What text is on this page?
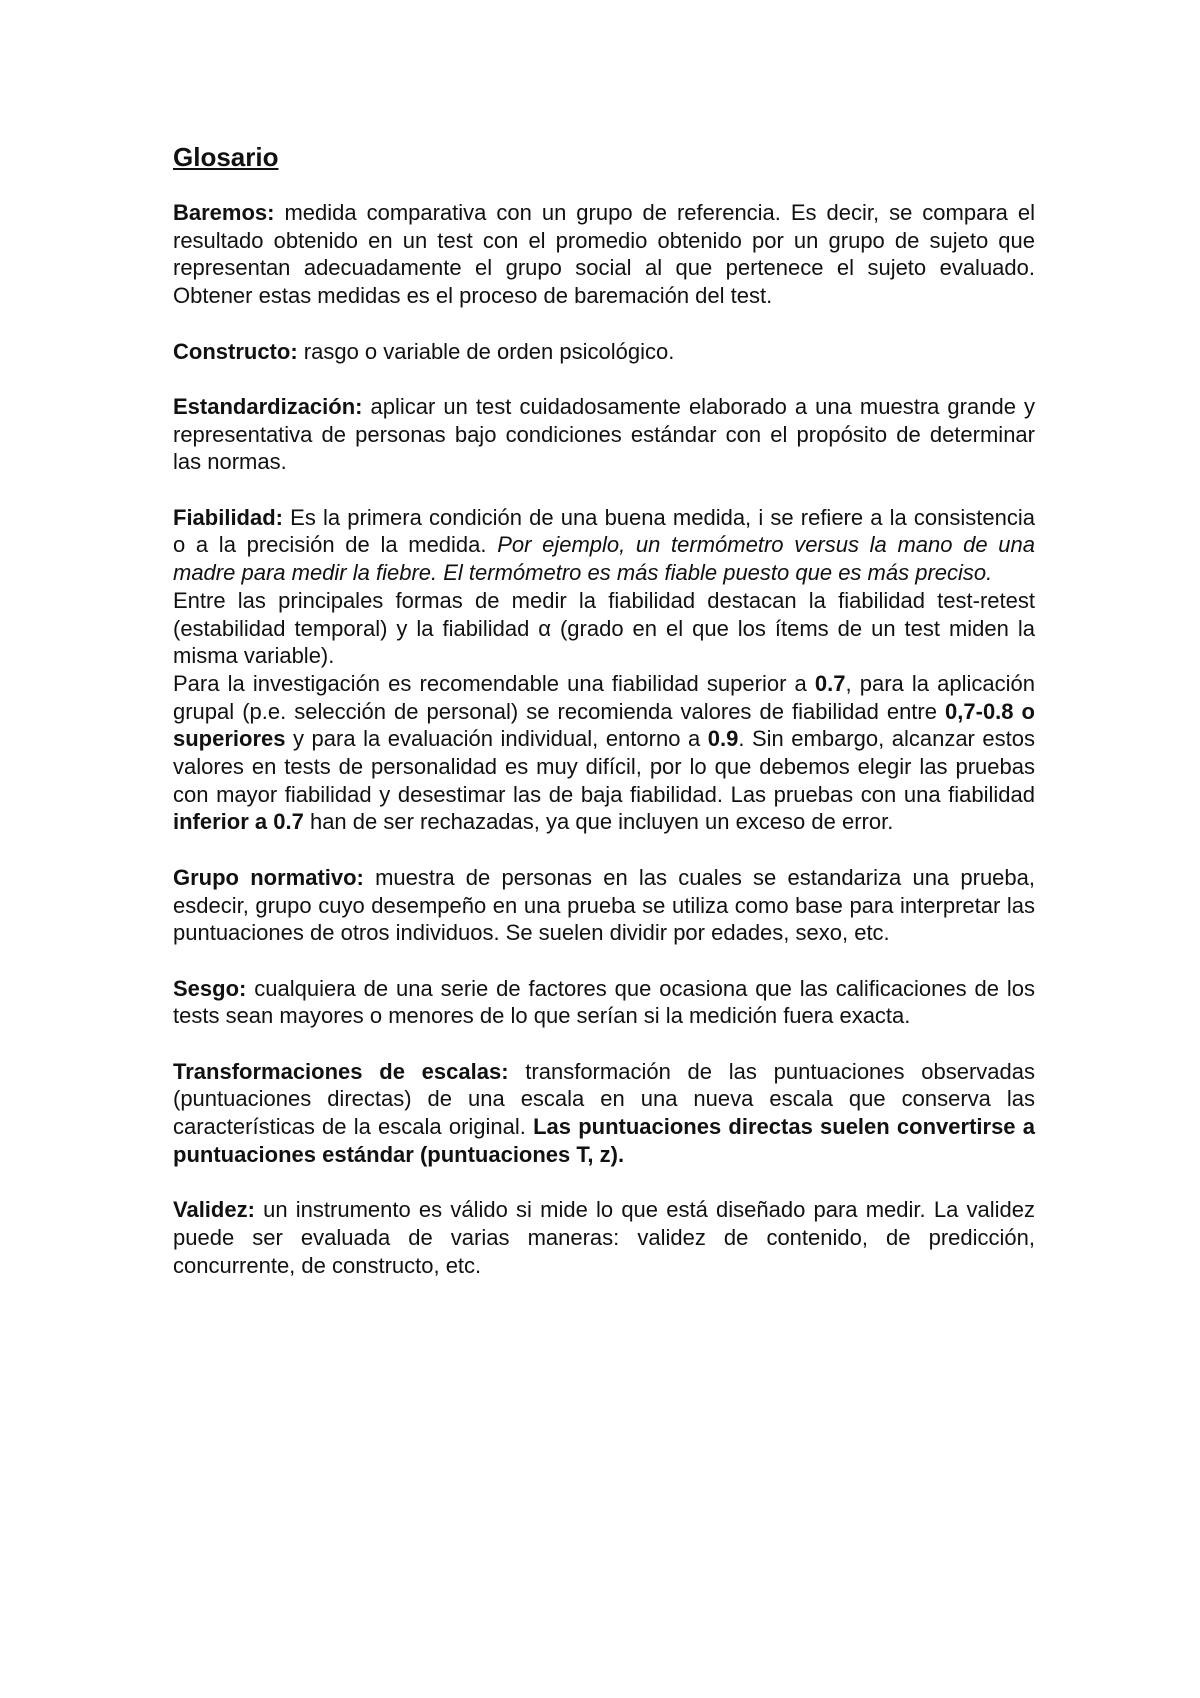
Glosario

Baremos: medida comparativa con un grupo de referencia. Es decir, se compara el resultado obtenido en un test con el promedio obtenido por un grupo de sujeto que representan adecuadamente el grupo social al que pertenece el sujeto evaluado. Obtener estas medidas es el proceso de baremación del test.

Constructo: rasgo o variable de orden psicológico.

Estandardización: aplicar un test cuidadosamente elaborado a una muestra grande y representativa de personas bajo condiciones estándar con el propósito de determinar las normas.

Fiabilidad: Es la primera condición de una buena medida, i se refiere a la consistencia o a la precisión de la medida. Por ejemplo, un termómetro versus la mano de una madre para medir la fiebre. El termómetro es más fiable puesto que es más preciso.

Entre las principales formas de medir la fiabilidad destacan la fiabilidad test-retest (estabilidad temporal) y la fiabilidad α (grado en el que los ítems de un test miden la misma variable).

Para la investigación es recomendable una fiabilidad superior a 0.7, para la aplicación grupal (p.e. selección de personal) se recomienda valores de fiabilidad entre 0,7-0.8 o superiores y para la evaluación individual, entorno a 0.9. Sin embargo, alcanzar estos valores en tests de personalidad es muy difícil, por lo que debemos elegir las pruebas con mayor fiabilidad y desestimar las de baja fiabilidad. Las pruebas con una fiabilidad inferior a 0.7 han de ser rechazadas, ya que incluyen un exceso de error.

Grupo normativo: muestra de personas en las cuales se estandariza una prueba, esdecir, grupo cuyo desempeño en una prueba se utiliza como base para interpretar las puntuaciones de otros individuos. Se suelen dividir por edades, sexo, etc.

Sesgo: cualquiera de una serie de factores que ocasiona que las calificaciones de los tests sean mayores o menores de lo que serían si la medición fuera exacta.

Transformaciones de escalas: transformación de las puntuaciones observadas (puntuaciones directas) de una escala en una nueva escala que conserva las características de la escala original. Las puntuaciones directas suelen convertirse a puntuaciones estándar (puntuaciones T, z).

Validez: un instrumento es válido si mide lo que está diseñado para medir. La validez puede ser evaluada de varias maneras: validez de contenido, de predicción, concurrente, de constructo, etc.
